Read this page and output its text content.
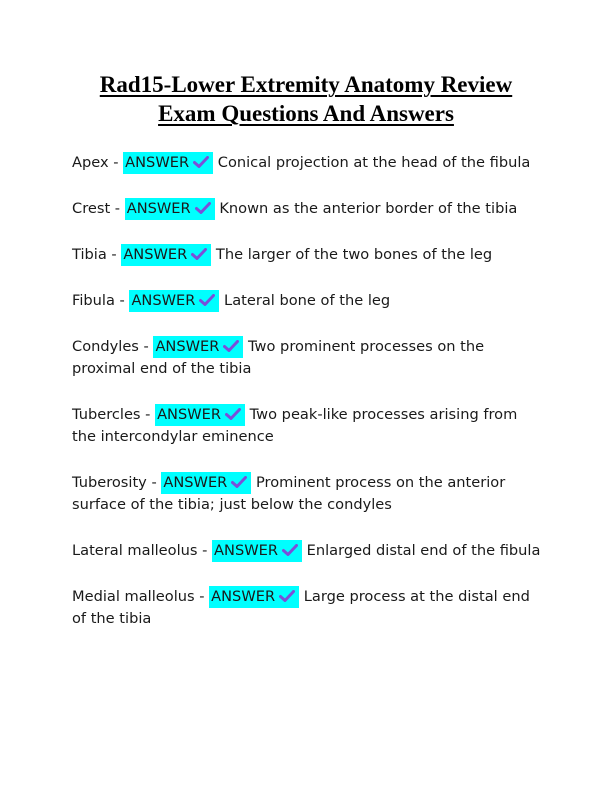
Rad15-Lower Extremity Anatomy Review
Exam Questions And Answers
Apex - ANSWER Conical projection at the head of the fibula
Crest - ANSWER Known as the anterior border of the tibia
Tibia - ANSWER The larger of the two bones of the leg
Fibula - ANSWER Lateral bone of the leg
Condyles - ANSWER Two prominent processes on the proximal end of the tibia
Tubercles - ANSWER Two peak-like processes arising from the intercondylar eminence
Tuberosity - ANSWER Prominent process on the anterior surface of the tibia; just below the condyles
Lateral malleolus - ANSWER Enlarged distal end of the fibula
Medial malleolus - ANSWER Large process at the distal end of the tibia
